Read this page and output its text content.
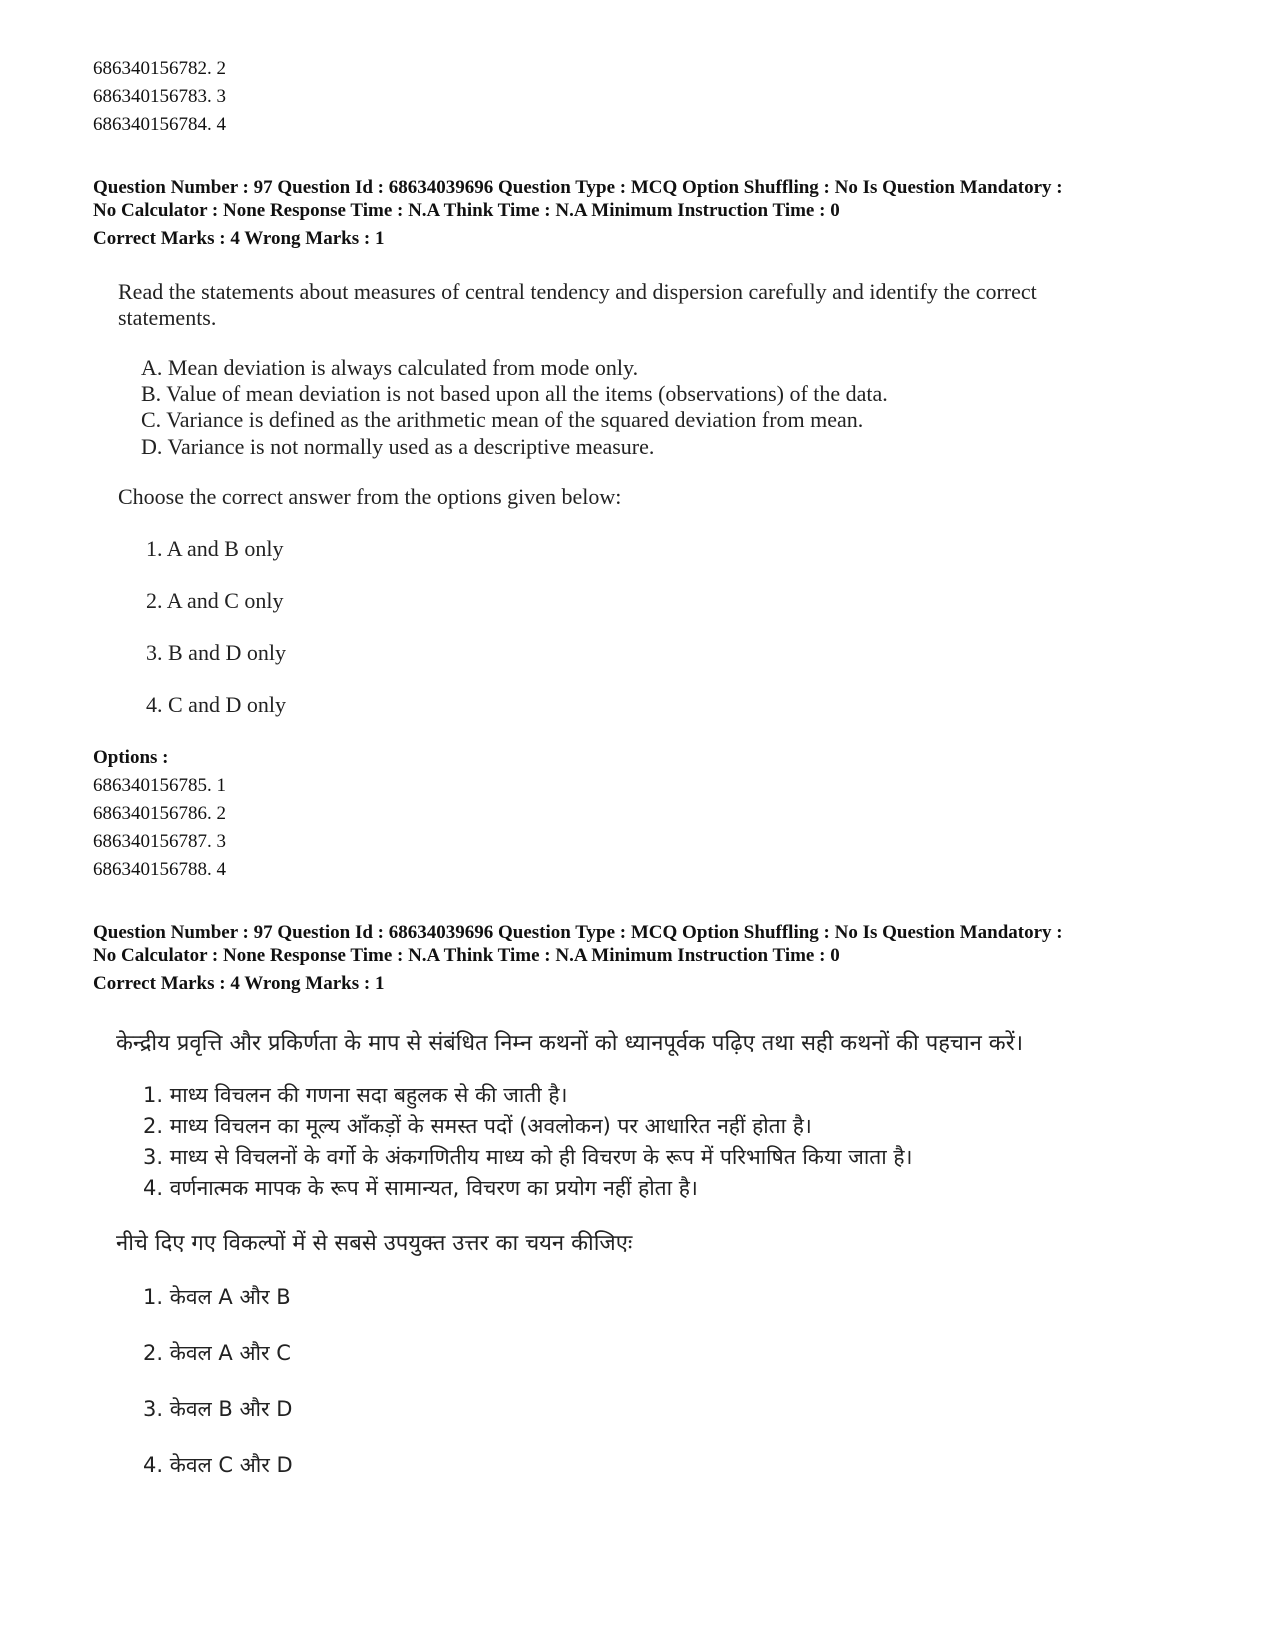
686340156782. 2
686340156783. 3
686340156784. 4
Question Number : 97 Question Id : 68634039696 Question Type : MCQ Option Shuffling : No Is Question Mandatory :
No Calculator : None Response Time : N.A Think Time : N.A Minimum Instruction Time : 0
Correct Marks : 4 Wrong Marks : 1
Read the statements about measures of central tendency and dispersion carefully and identify the correct
statements.
A. Mean deviation is always calculated from mode only.
B. Value of mean deviation is not based upon all the items (observations) of the data.
C. Variance is defined as the arithmetic mean of the squared deviation from mean.
D. Variance is not normally used as a descriptive measure.
Choose the correct answer from the options given below:
1. A and B only
2. A and C only
3. B and D only
4. C and D only
Options :
686340156785. 1
686340156786. 2
686340156787. 3
686340156788. 4
Question Number : 97 Question Id : 68634039696 Question Type : MCQ Option Shuffling : No Is Question Mandatory :
No Calculator : None Response Time : N.A Think Time : N.A Minimum Instruction Time : 0
Correct Marks : 4 Wrong Marks : 1
केन्द्रीय प्रवृत्ति और प्रकिर्णता के माप से संबंधित निम्न कथनों को ध्यानपूर्वक पढ़िए तथा सही कथनों की पहचान करें।
1. माध्य विचलन की गणना सदा बहुलक से की जाती है।
2. माध्य विचलन का मूल्य आँकड़ों के समस्त पदों (अवलोकन) पर आधारित नहीं होता है।
3. माध्य से विचलनों के वर्गो के अंकगणितीय माध्य को ही विचरण के रूप में परिभाषित किया जाता है।
4. वर्णनात्मक मापक के रूप में सामान्यत, विचरण का प्रयोग नहीं होता है।
नीचे दिए गए विकल्पों में से सबसे उपयुक्त उत्तर का चयन कीजिएः
1. केवल A और B
2. केवल A और C
3. केवल B और D
4. केवल C और D
